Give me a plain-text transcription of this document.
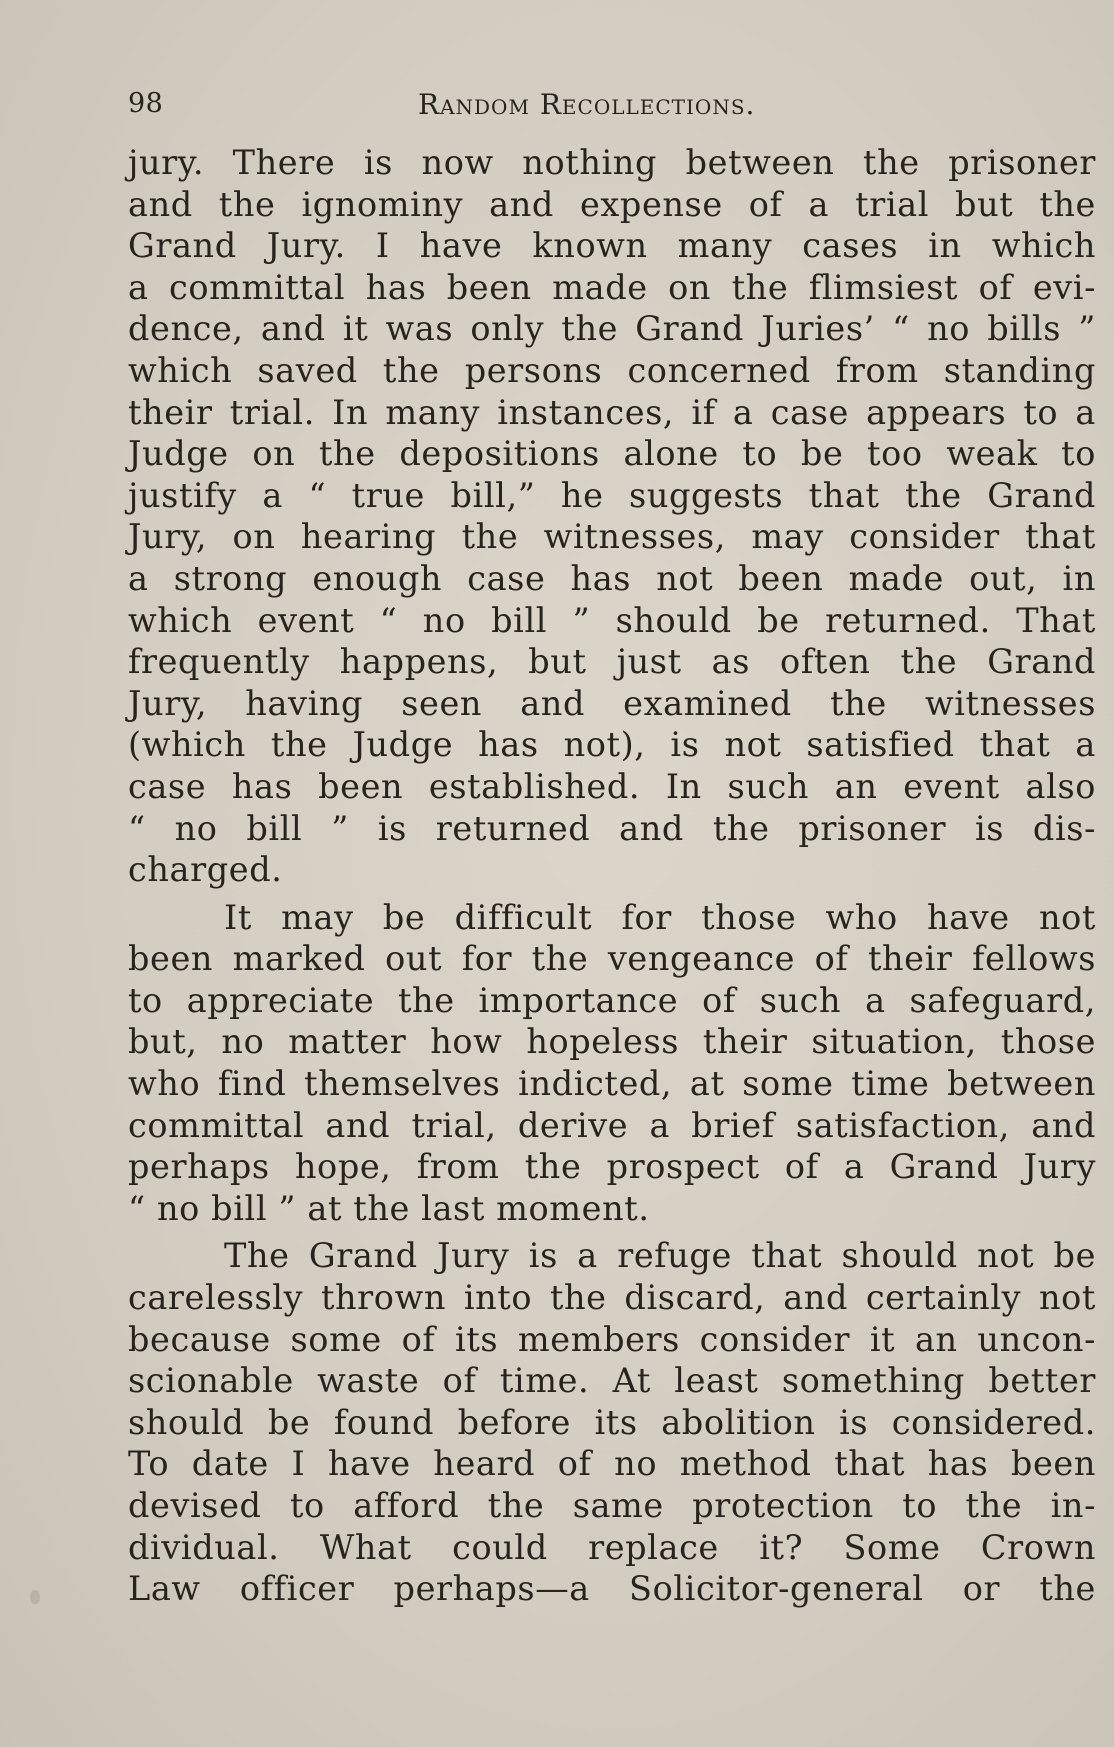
98	Random Recollections.
jury. There is now nothing between the prisoner
and the ignominy and expense of a trial but the
Grand Jury. I have known many cases in which
a committal has been made on the flimsiest of evi-
dence, and it was only the Grand Juries’ “ no bills ”
which saved the persons concerned from standing
their trial. In many instances, if a case appears to a
Judge on the depositions alone to be too weak to
justify a “ true bill,” he suggests that the Grand
Jury, on hearing the witnesses, may consider that
a strong enough case has not been made out, in
which event “ no bill ” should be returned. That
frequently happens, but just as often the Grand
Jury, having seen and examined the witnesses
(which the Judge has not), is not satisfied that a
case has been established. In such an event also
“ no bill ” is returned and the prisoner is dis-
charged.
It may be difficult for those who have not
been marked out for the vengeance of their fellows
to appreciate the importance of such a safeguard,
but, no matter how hopeless their situation, those
who find themselves indicted, at some time between
committal and trial, derive a brief satisfaction, and
perhaps hope, from the prospect of a Grand Jury
“ no bill ” at the last moment.
The Grand Jury is a refuge that should not be
carelessly thrown into the discard, and certainly not
because some of its members consider it an uncon-
scionable waste of time. At least something better
should be found before its abolition is considered.
To date I have heard of no method that has been
devised to afford the same protection to the in-
dividual. What could replace it? Some Crown
Law officer perhaps—a Solicitor-general or the
